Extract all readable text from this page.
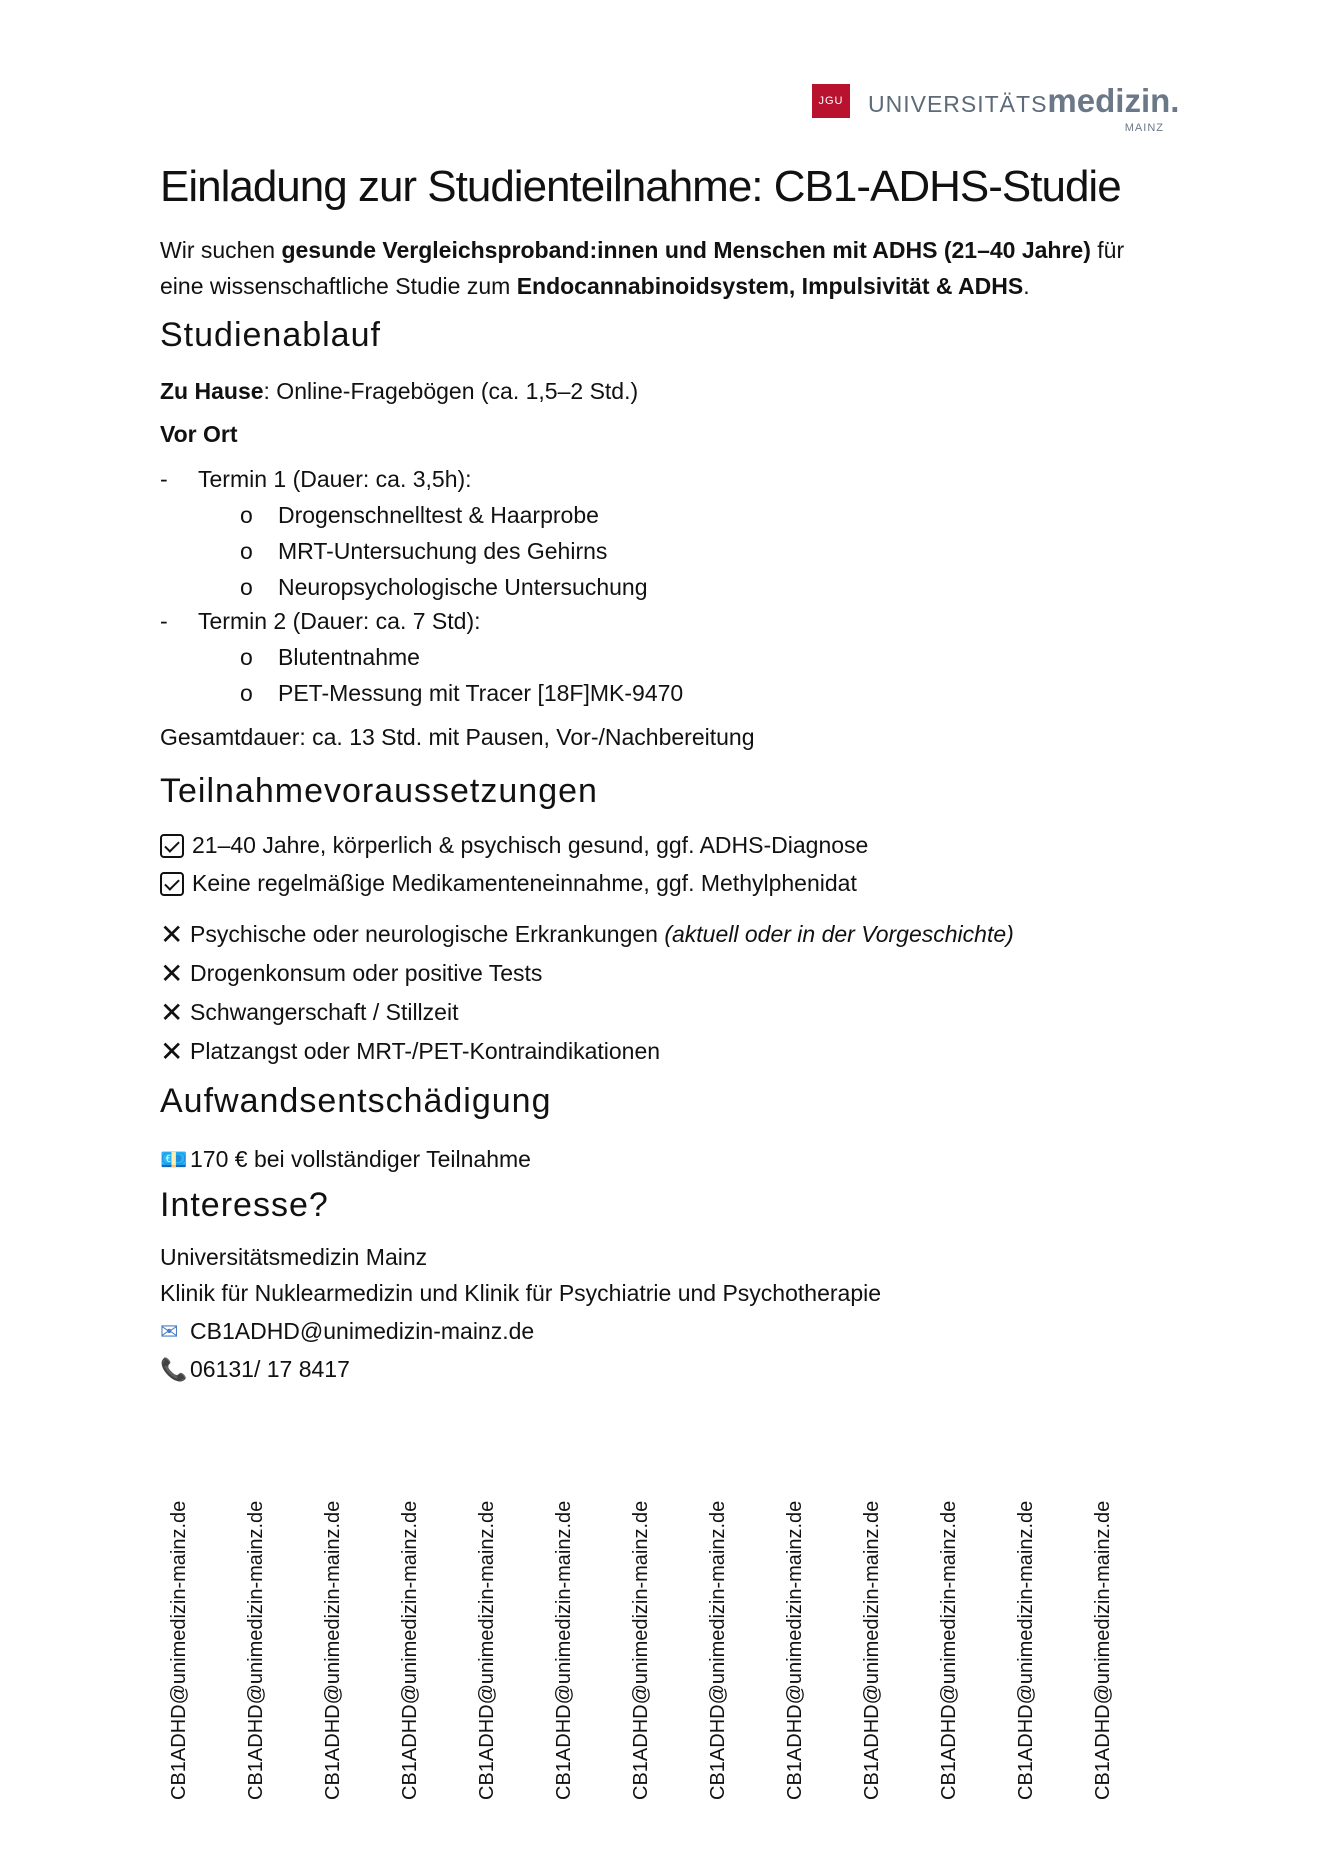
JGU UNIVERSITÄTSmedizin.
MAINZ
Einladung zur Studienteilnahme: CB1-ADHS-Studie
Wir suchen gesunde Vergleichsproband:innen und Menschen mit ADHS (21–40 Jahre) für eine wissenschaftliche Studie zum Endocannabinoidsystem, Impulsivität & ADHS.
Studienablauf
Zu Hause: Online-Fragebögen (ca. 1,5–2 Std.)
Vor Ort
- Termin 1 (Dauer: ca. 3,5h):
o Drogenschnelltest & Haarprobe
o MRT-Untersuchung des Gehirns
o Neuropsychologische Untersuchung
- Termin 2 (Dauer: ca. 7 Std):
o Blutentnahme
o PET-Messung mit Tracer [18F]MK-9470
Gesamtdauer: ca. 13 Std. mit Pausen, Vor-/Nachbereitung
Teilnahmevoraussetzungen
21–40 Jahre, körperlich & psychisch gesund, ggf. ADHS-Diagnose
Keine regelmäßige Medikamenteneinnahme, ggf. Methylphenidat
✕ Psychische oder neurologische Erkrankungen (aktuell oder in der Vorgeschichte)
✕ Drogenkonsum oder positive Tests
✕ Schwangerschaft / Stillzeit
✕ Platzangst oder MRT-/PET-Kontraindikationen
Aufwandsentschädigung
💶 170 € bei vollständiger Teilnahme
Interesse?
Universitätsmedizin Mainz
Klinik für Nuklearmedizin und Klinik für Psychiatrie und Psychotherapie
✉ CB1ADHD@unimedizin-mainz.de
📞 06131/ 17 8417
CB1ADHD@unimedizin-mainz.de	CB1ADHD@unimedizin-mainz.de	CB1ADHD@unimedizin-mainz.de	CB1ADHD@unimedizin-mainz.de	CB1ADHD@unimedizin-mainz.de	CB1ADHD@unimedizin-mainz.de	CB1ADHD@unimedizin-mainz.de	CB1ADHD@unimedizin-mainz.de	CB1ADHD@unimedizin-mainz.de	CB1ADHD@unimedizin-mainz.de	CB1ADHD@unimedizin-mainz.de	CB1ADHD@unimedizin-mainz.de	CB1ADHD@unimedizin-mainz.de
